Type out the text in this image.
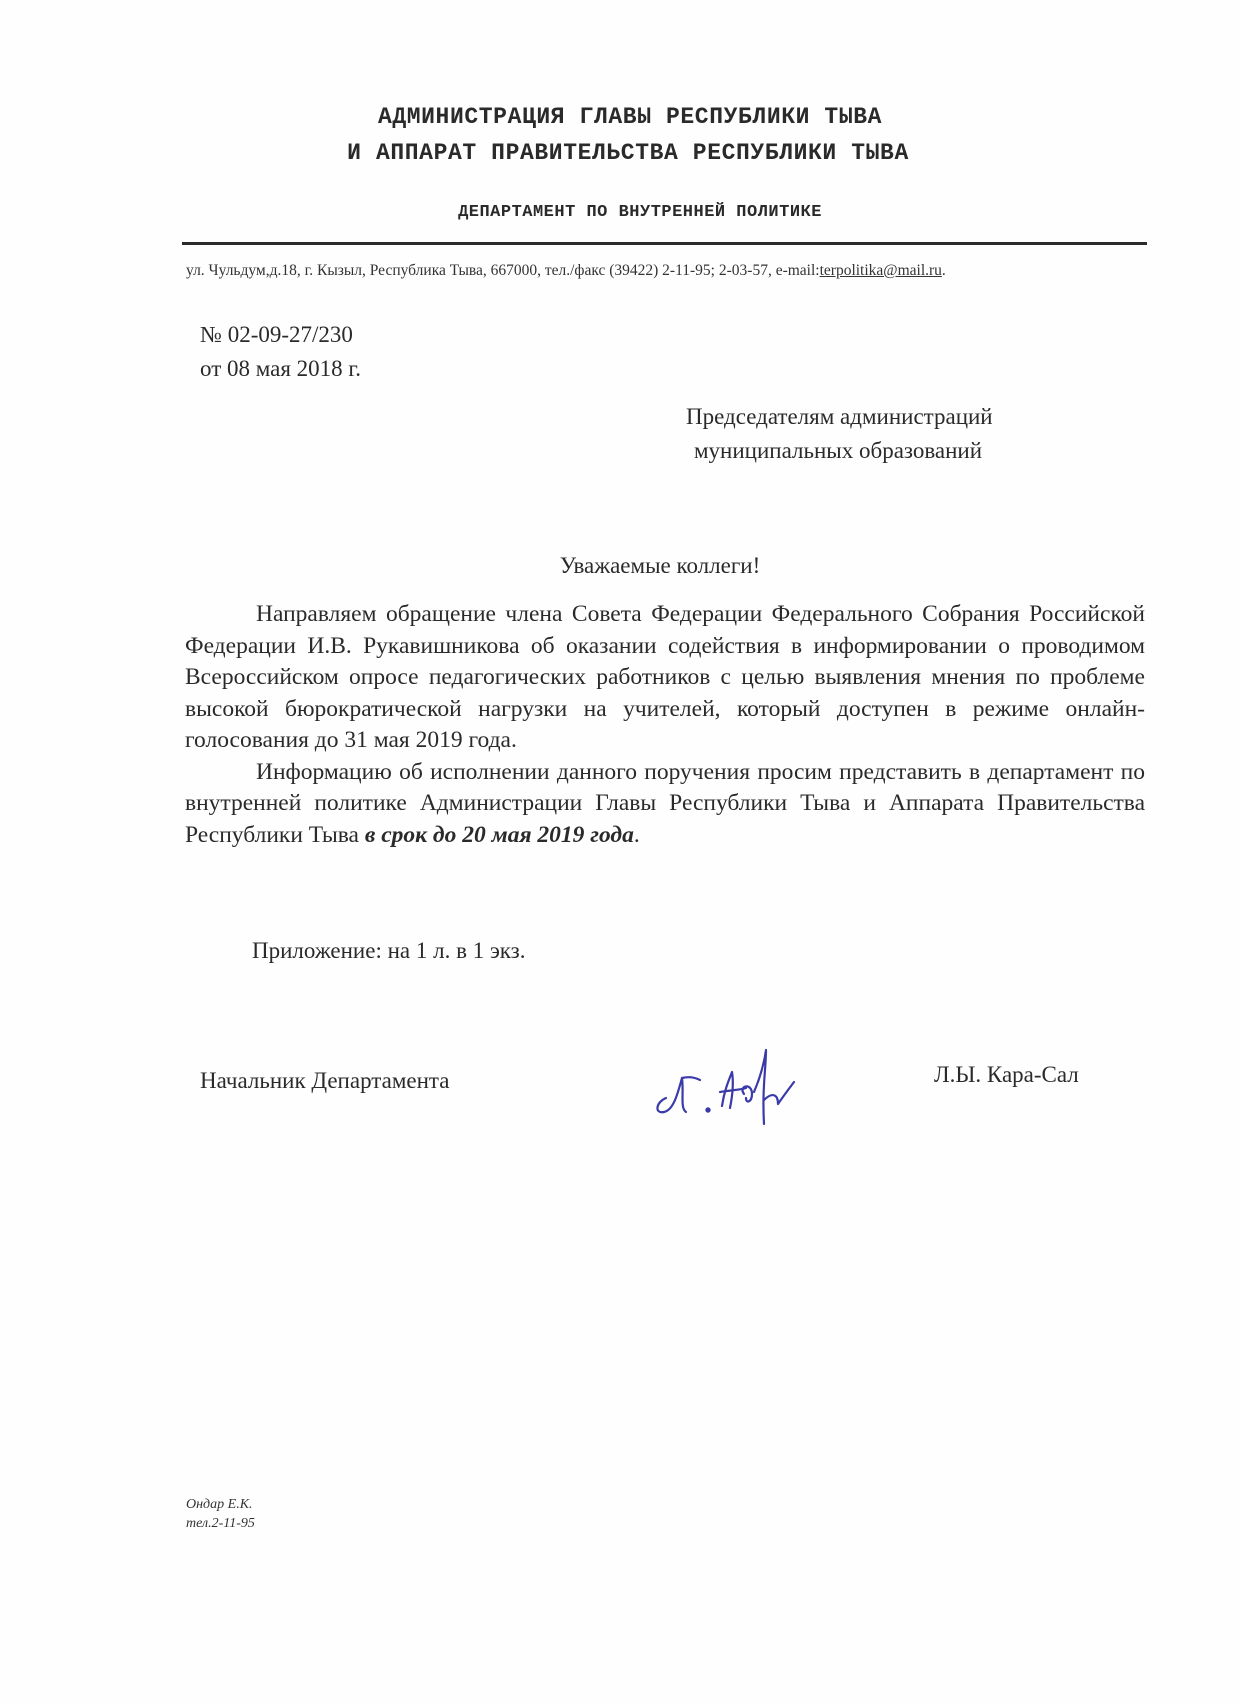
АДМИНИСТРАЦИЯ ГЛАВЫ РЕСПУБЛИКИ ТЫВА
И АППАРАТ ПРАВИТЕЛЬСТВА РЕСПУБЛИКИ ТЫВА
ДЕПАРТАМЕНТ ПО ВНУТРЕННЕЙ ПОЛИТИКЕ
ул. Чульдум,д.18, г. Кызыл, Республика Тыва, 667000, тел./факс (39422) 2-11-95; 2-03-57, e-mail:terpolitika@mail.ru.
№ 02-09-27/230
от 08 мая 2018 г.
Председателям администраций
муниципальных образований
Уважаемые коллеги!

Направляем обращение члена Совета Федерации Федерального Собрания Российской Федерации И.В. Рукавишникова об оказании содействия в информировании о проводимом Всероссийском опросе педагогических работников с целью выявления мнения по проблеме высокой бюрократической нагрузки на учителей, который доступен в режиме онлайн-голосования до 31 мая 2019 года.

Информацию об исполнении данного поручения просим представить в департамент по внутренней политике Администрации Главы Республики Тыва и Аппарата Правительства Республики Тыва в срок до 20 мая 2019 года.

Приложение: на 1 л. в 1 экз.
Начальник Департамента	Л.Ы. Кара-Сал
Ондар Е.К.
тел.2-11-95
